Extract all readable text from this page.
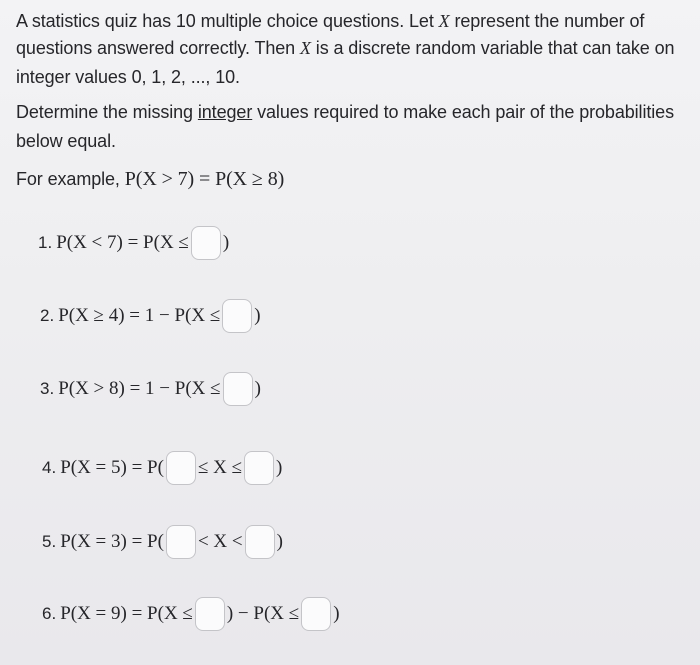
A statistics quiz has 10 multiple choice questions. Let X represent the number of
questions answered correctly. Then X is a discrete random variable that can take on
integer values 0, 1, 2, ..., 10.
Determine the missing integer values required to make each pair of the probabilities
below equal.
For example, P(X > 7) = P(X ≥ 8)
1. P(X < 7) = P(X ≤ )
2. P(X ≥ 4) = 1 − P(X ≤ )
3. P(X > 8) = 1 − P(X ≤ )
4. P(X = 5) = P( ≤ X ≤ )
5. P(X = 3) = P( < X < )
6. P(X = 9) = P(X ≤ ) − P(X ≤ )
